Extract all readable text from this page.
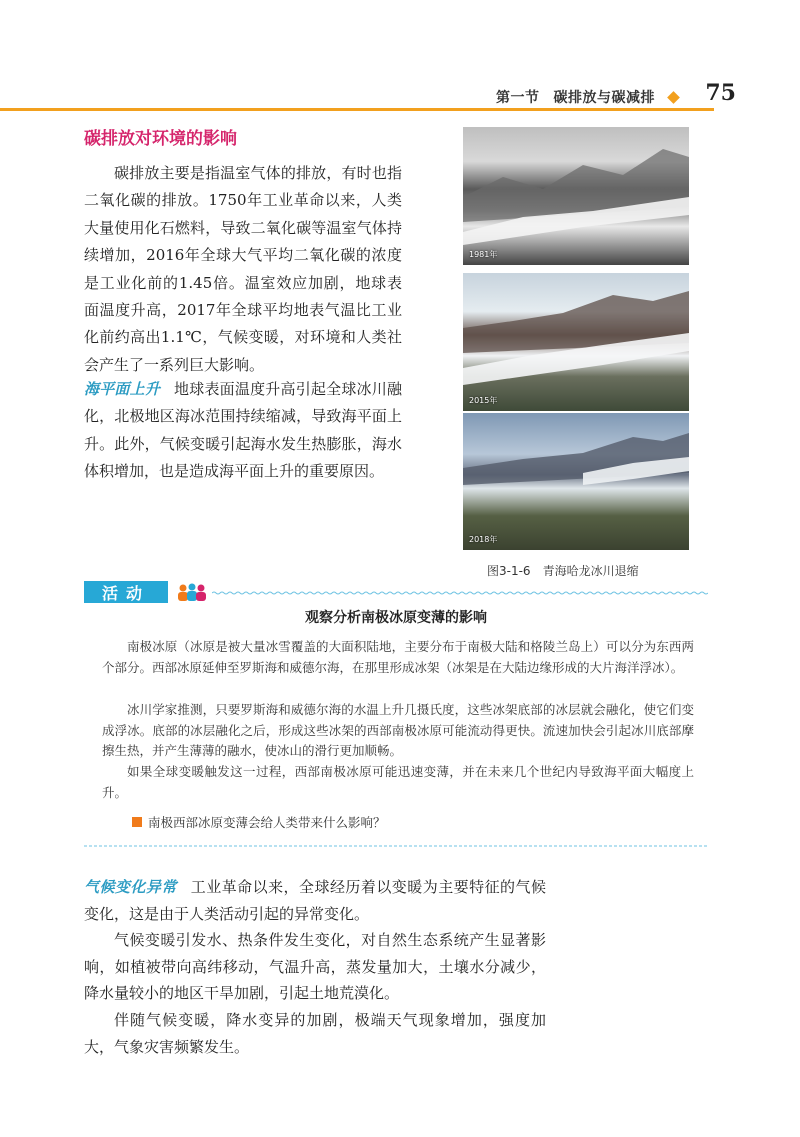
第一节 碳排放与碳减排 75
碳排放对环境的影响
碳排放主要是指温室气体的排放，有时也指二氧化碳的排放。1750年工业革命以来，人类大量使用化石燃料，导致二氧化碳等温室气体持续增加，2016年全球大气平均二氧化碳的浓度是工业化前的1.45倍。温室效应加剧，地球表面温度升高，2017年全球平均地表气温比工业化前约高出1.1℃，气候变暖，对环境和人类社会产生了一系列巨大影响。
海平面上升 地球表面温度升高引起全球冰川融化，北极地区海冰范围持续缩减，导致海平面上升。此外，气候变暖引起海水发生热膨胀，海水体积增加，也是造成海平面上升的重要原因。
1981年
2015年
2018年
图3-1-6　青海哈龙冰川退缩
活动
观察分析南极冰原变薄的影响
南极冰原（冰原是被大量冰雪覆盖的大面积陆地，主要分布于南极大陆和格陵兰岛上）可以分为东西两个部分。西部冰原延伸至罗斯海和威德尔海，在那里形成冰架（冰架是在大陆边缘形成的大片海洋浮冰）。
冰川学家推测，只要罗斯海和威德尔海的水温上升几摄氏度，这些冰架底部的冰层就会融化，使它们变成浮冰。底部的冰层融化之后，形成这些冰架的西部南极冰原可能流动得更快。流速加快会引起冰川底部摩擦生热，并产生薄薄的融水，使冰山的滑行更加顺畅。
如果全球变暖触发这一过程，西部南极冰原可能迅速变薄，并在未来几个世纪内导致海平面大幅度上升。
南极西部冰原变薄会给人类带来什么影响？
气候变化异常 工业革命以来，全球经历着以变暖为主要特征的气候变化，这是由于人类活动引起的异常变化。
气候变暖引发水、热条件发生变化，对自然生态系统产生显著影响，如植被带向高纬移动，气温升高，蒸发量加大，土壤水分减少，降水量较小的地区干旱加剧，引起土地荒漠化。
伴随气候变暖，降水变异的加剧，极端天气现象增加，强度加大，气象灾害频繁发生。
